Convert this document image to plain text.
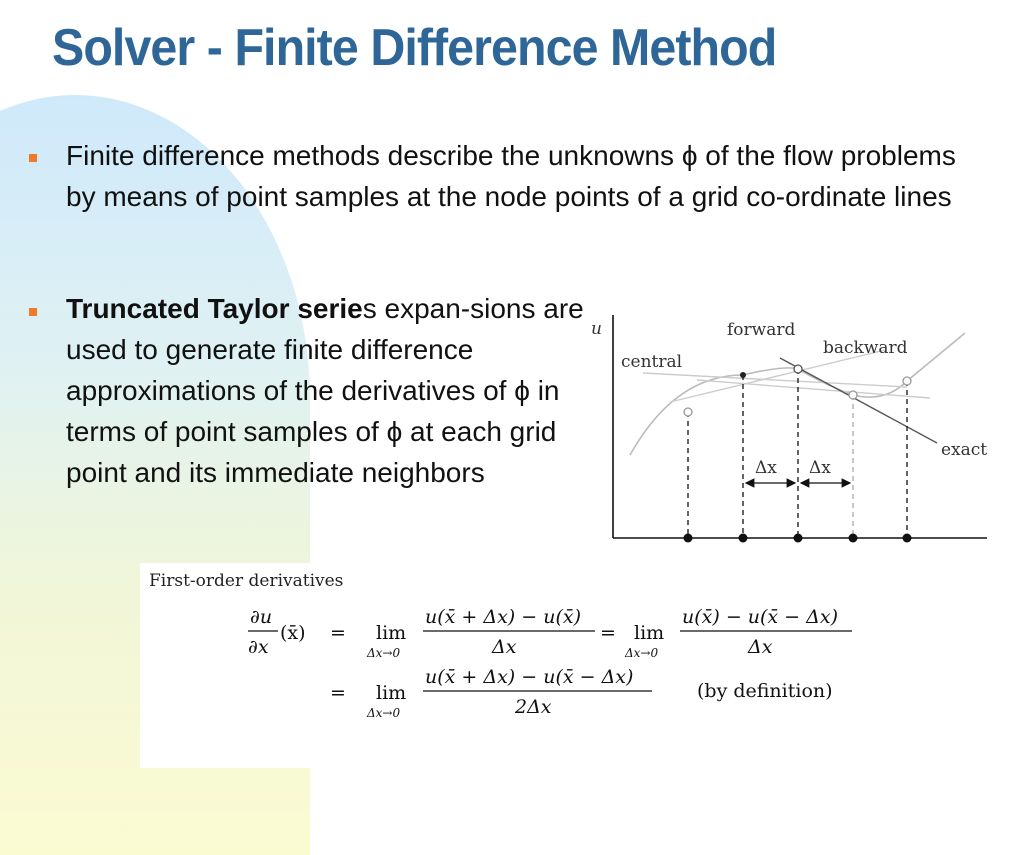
Solver - Finite Difference Method
Finite difference methods describe the unknowns ϕ of the flow problems by means of point samples at the node points of a grid co-ordinate lines
Truncated Taylor series expan-sions are used to generate finite difference approximations of the derivatives of ϕ in terms of point samples of ϕ at each grid point and its immediate neighbors
u
Δx Δx
forward
backward
central
exact
First-order derivatives
∂u
∂x
(x̄) = lim
Δx→0
u(x̄ + Δx) − u(x̄)
Δx
= lim
Δx→0
u(x̄) − u(x̄ − Δx)
Δx
= lim
Δx→0
u(x̄ + Δx) − u(x̄ − Δx)
2Δx
(by definition)
